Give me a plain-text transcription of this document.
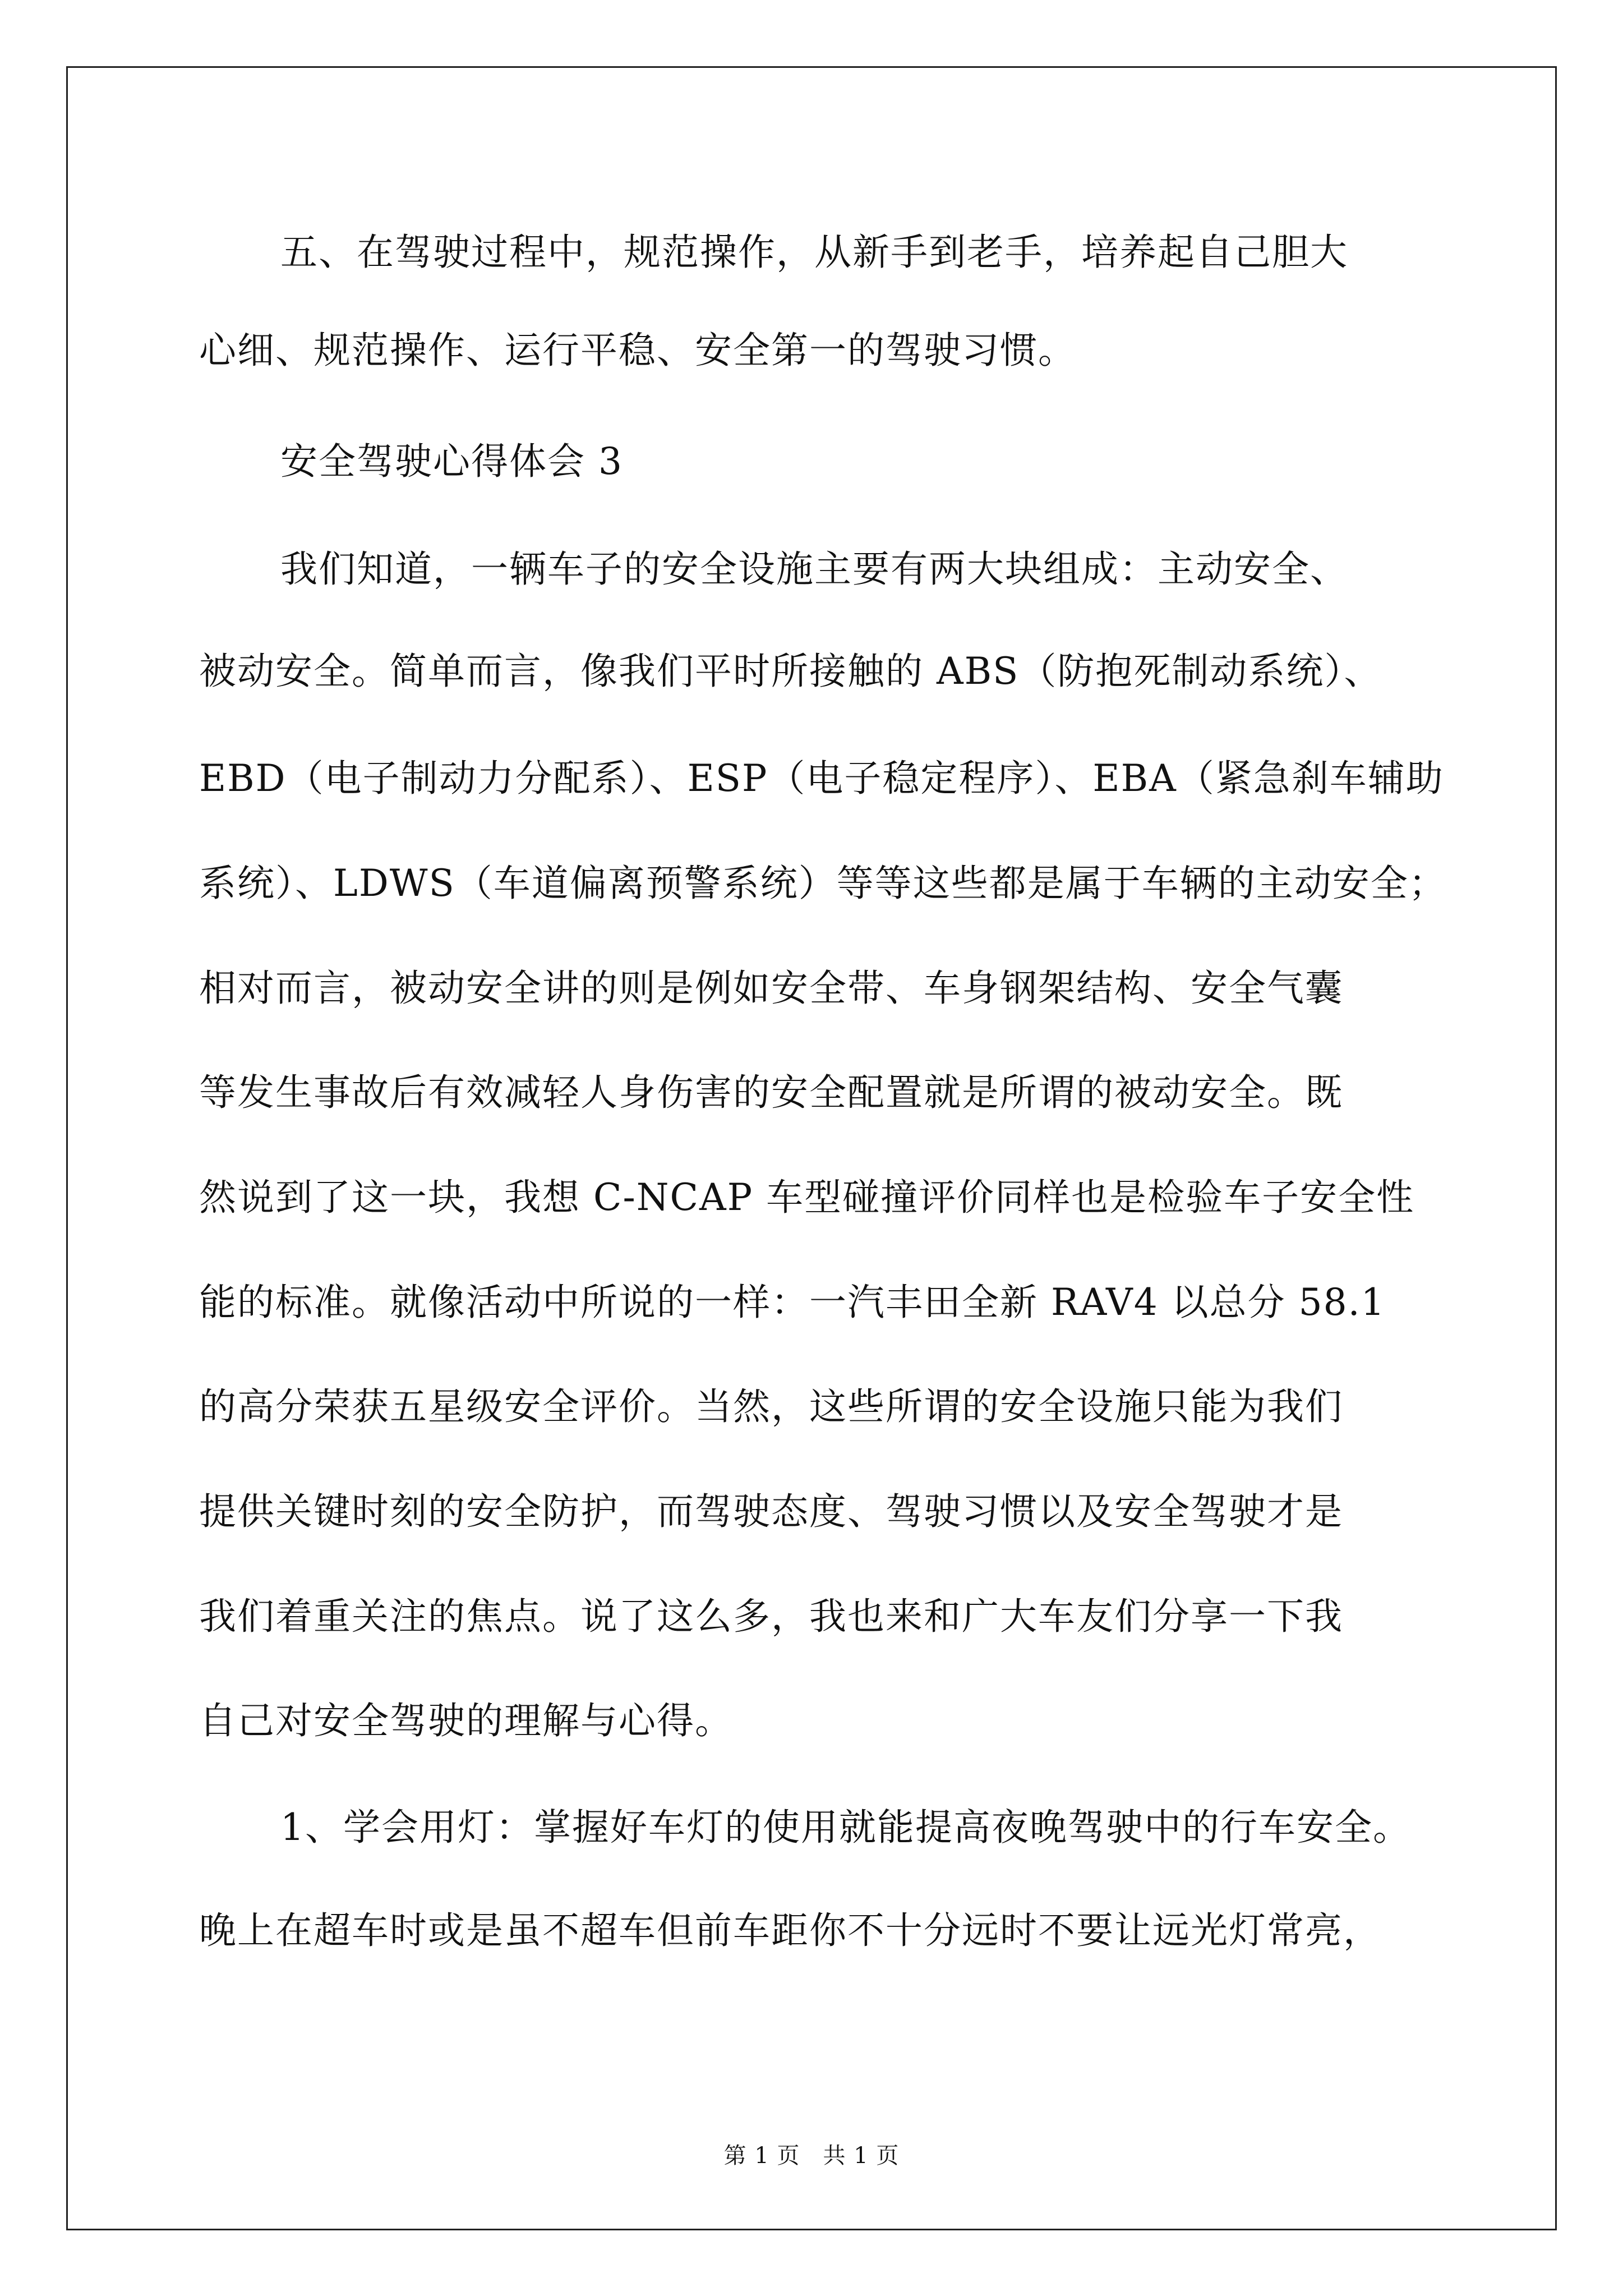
五、在驾驶过程中，规范操作，从新手到老手，培养起自己胆大

心细、规范操作、运行平稳、安全第一的驾驶习惯。

安全驾驶心得体会 3

我们知道，一辆车子的安全设施主要有两大块组成：主动安全、

被动安全。简单而言，像我们平时所接触的 ABS（防抱死制动系统）、

EBD（电子制动力分配系）、ESP（电子稳定程序）、EBA（紧急刹车辅助

系统）、LDWS（车道偏离预警系统）等等这些都是属于车辆的主动安全；

相对而言，被动安全讲的则是例如安全带、车身钢架结构、安全气囊

等发生事故后有效减轻人身伤害的安全配置就是所谓的被动安全。既

然说到了这一块，我想 C-NCAP 车型碰撞评价同样也是检验车子安全性

能的标准。就像活动中所说的一样：一汽丰田全新 RAV4 以总分 58.1

的高分荣获五星级安全评价。当然，这些所谓的安全设施只能为我们

提供关键时刻的安全防护，而驾驶态度、驾驶习惯以及安全驾驶才是

我们着重关注的焦点。说了这么多，我也来和广大车友们分享一下我

自己对安全驾驶的理解与心得。

1、学会用灯：掌握好车灯的使用就能提高夜晚驾驶中的行车安全。

晚上在超车时或是虽不超车但前车距你不十分远时不要让远光灯常亮，

第 1 页　共 1 页
